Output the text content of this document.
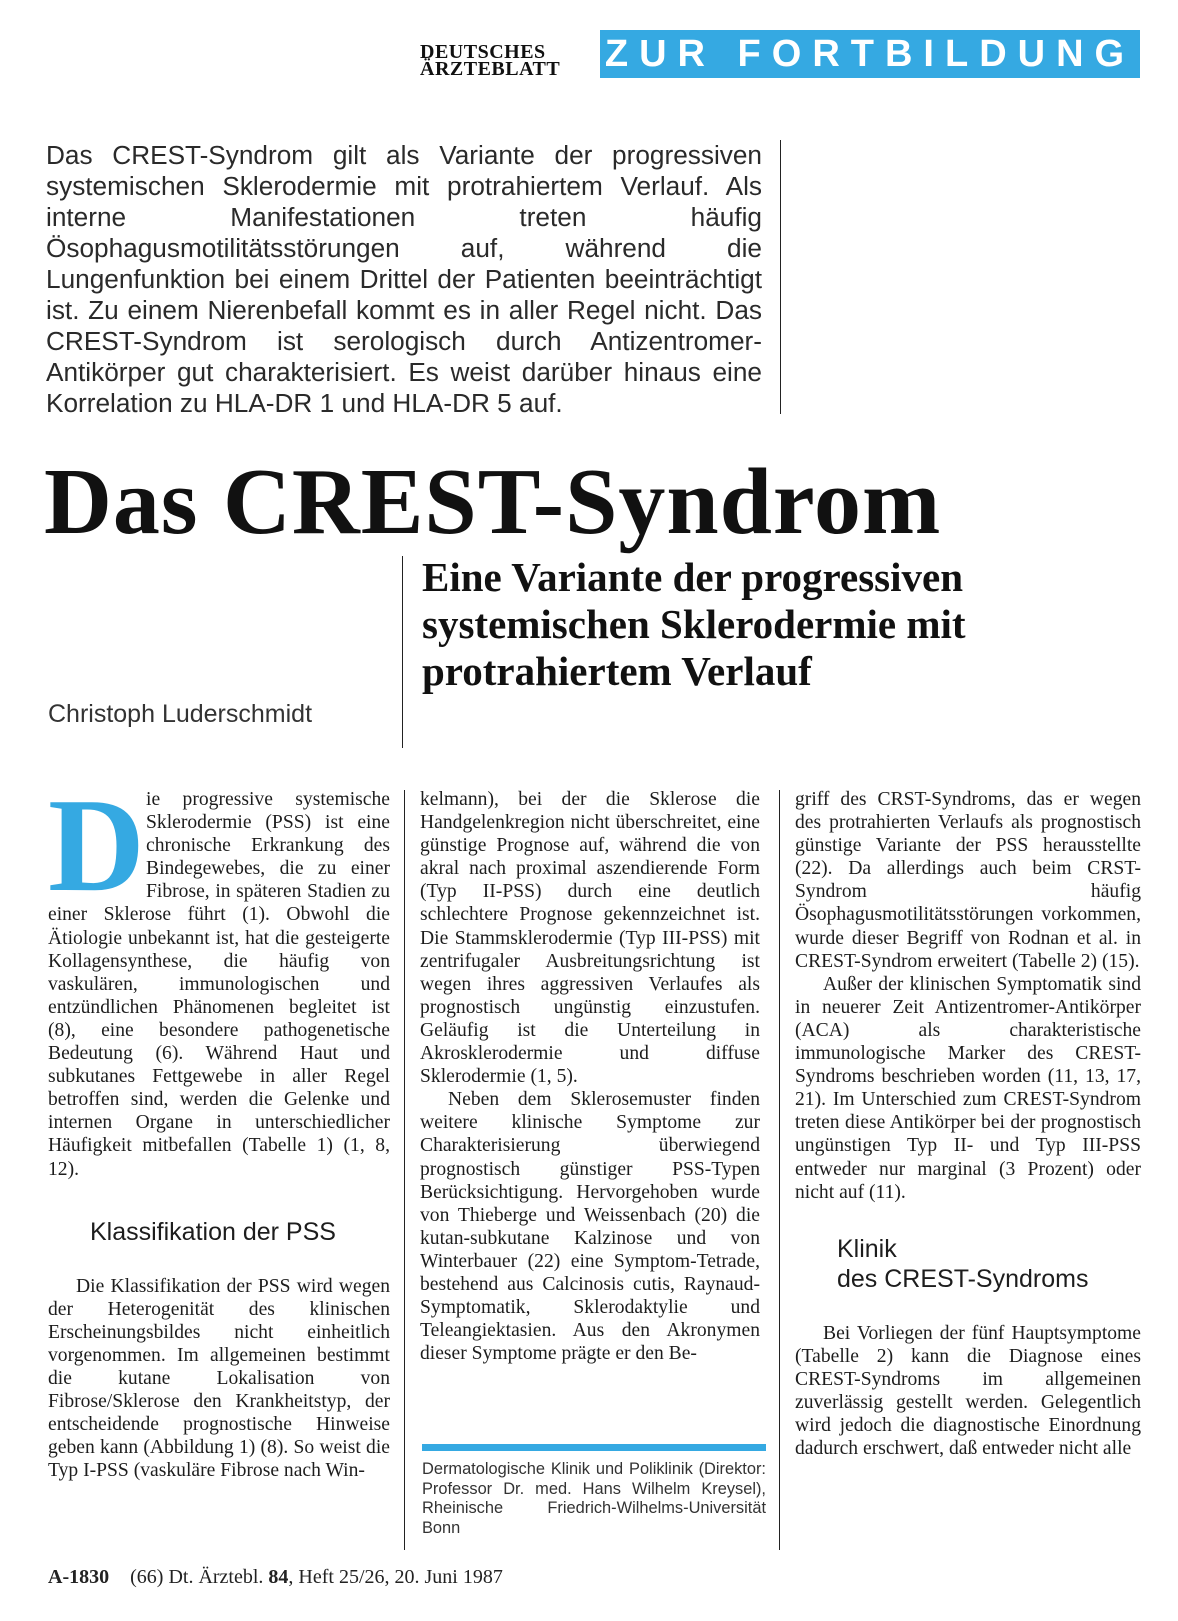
DEUTSCHES
ÄRZTEBLATT ZUR FORTBILDUNG
Das CREST-Syndrom gilt als Variante der progressiven systemischen Sklerodermie mit protrahiertem Verlauf. Als interne Manifestationen treten häufig Ösophagusmotilitätsstörungen auf, während die Lungenfunktion bei einem Drittel der Patienten beeinträchtigt ist. Zu einem Nierenbefall kommt es in aller Regel nicht. Das CREST-Syndrom ist serologisch durch Antizentromer-Antikörper gut charakterisiert. Es weist darüber hinaus eine Korrelation zu HLA-DR 1 und HLA-DR 5 auf.
Das CREST-Syndrom
Eine Variante der progressiven systemischen Sklerodermie mit protrahiertem Verlauf
Christoph Luderschmidt
D ie progressive systemische Sklerodermie (PSS) ist eine chronische Erkrankung des Bindegewebes, die zu einer Fibrose, in späteren Stadien zu einer Sklerose führt (1). Obwohl die Ätiologie unbekannt ist, hat die gesteigerte Kollagensynthese, die häufig von vaskulären, immunologischen und entzündlichen Phänomenen begleitet ist (8), eine besondere pathogenetische Bedeutung (6). Während Haut und subkutanes Fettgewebe in aller Regel betroffen sind, werden die Gelenke und internen Organe in unterschiedlicher Häufigkeit mitbefallen (Tabelle 1) (1, 8, 12).

Klassifikation der PSS

Die Klassifikation der PSS wird wegen der Heterogenität des klinischen Erscheinungsbildes nicht einheitlich vorgenommen. Im allgemeinen bestimmt die kutane Lokalisation von Fibrose/Sklerose den Krankheitstyp, der entscheidende prognostische Hinweise geben kann (Abbildung 1) (8). So weist die Typ I-PSS (vaskuläre Fibrose nach Win-

kelmann), bei der die Sklerose die Handgelenkregion nicht überschreitet, eine günstige Prognose auf, während die von akral nach proximal aszendierende Form (Typ II-PSS) durch eine deutlich schlechtere Prognose gekennzeichnet ist. Die Stammsklerodermie (Typ III-PSS) mit zentrifugaler Ausbreitungsrichtung ist wegen ihres aggressiven Verlaufes als prognostisch ungünstig einzustufen. Geläufig ist die Unterteilung in Akrosklerodermie und diffuse Sklerodermie (1, 5).

Neben dem Sklerosemuster finden weitere klinische Symptome zur Charakterisierung überwiegend prognostisch günstiger PSS-Typen Berücksichtigung. Hervorgehoben wurde von Thieberge und Weissenbach (20) die kutan-subkutane Kalzinose und von Winterbauer (22) eine Symptom-Tetrade, bestehend aus Calcinosis cutis, Raynaud-Symptomatik, Sklerodaktylie und Teleangiektasien. Aus den Akronymen dieser Symptome prägte er den Be-

Dermatologische Klinik und Poliklinik (Direktor: Professor Dr. med. Hans Wilhelm Kreysel), Rheinische Friedrich-Wilhelms-Universität Bonn

griff des CRST-Syndroms, das er wegen des protrahierten Verlaufs als prognostisch günstige Variante der PSS herausstellte (22). Da allerdings auch beim CRST-Syndrom häufig Ösophagusmotilitätsstörungen vorkommen, wurde dieser Begriff von Rodnan et al. in CREST-Syndrom erweitert (Tabelle 2) (15).

Außer der klinischen Symptomatik sind in neuerer Zeit Antizentromer-Antikörper (ACA) als charakteristische immunologische Marker des CREST-Syndroms beschrieben worden (11, 13, 17, 21). Im Unterschied zum CREST-Syndrom treten diese Antikörper bei der prognostisch ungünstigen Typ II- und Typ III-PSS entweder nur marginal (3 Prozent) oder nicht auf (11).

Klinik
des CREST-Syndroms

Bei Vorliegen der fünf Hauptsymptome (Tabelle 2) kann die Diagnose eines CREST-Syndroms im allgemeinen zuverlässig gestellt werden. Gelegentlich wird jedoch die diagnostische Einordnung dadurch erschwert, daß entweder nicht alle

A-1830 (66) Dt. Ärztebl. 84, Heft 25/26, 20. Juni 1987
